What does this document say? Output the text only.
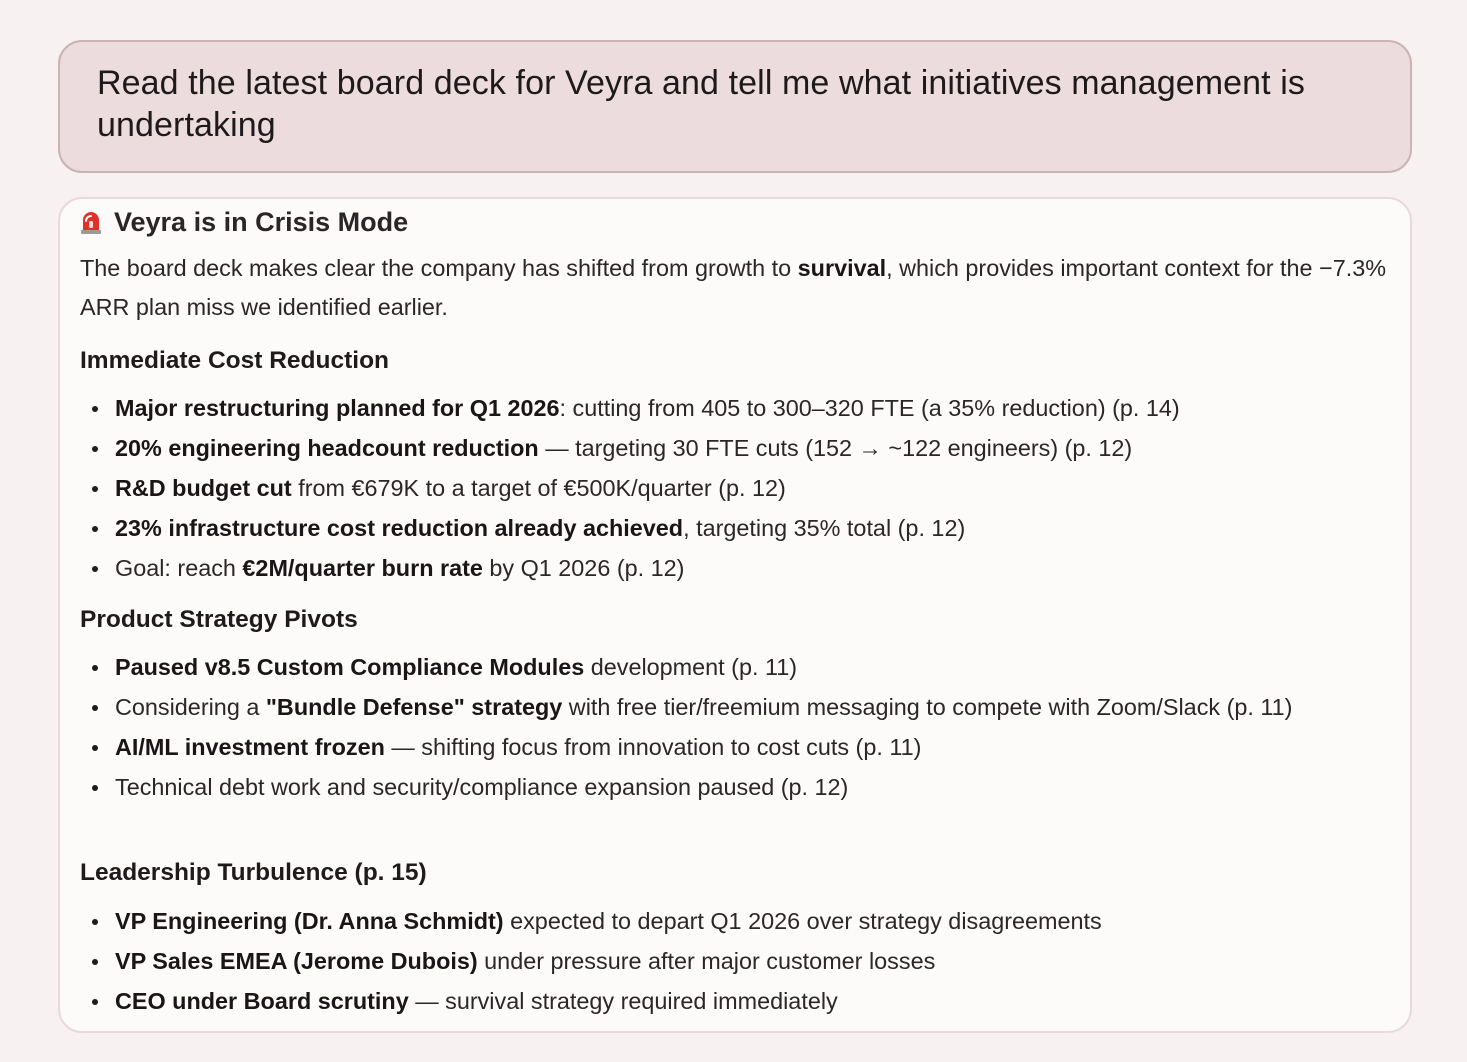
Read the latest board deck for Veyra and tell me what initiatives management is undertaking
Veyra is in Crisis Mode
The board deck makes clear the company has shifted from growth to survival, which provides important context for the −7.3% ARR plan miss we identified earlier.
Immediate Cost Reduction
Major restructuring planned for Q1 2026: cutting from 405 to 300–320 FTE (a 35% reduction) (p. 14)
20% engineering headcount reduction — targeting 30 FTE cuts (152 → ~122 engineers) (p. 12)
R&D budget cut from €679K to a target of €500K/quarter (p. 12)
23% infrastructure cost reduction already achieved, targeting 35% total (p. 12)
Goal: reach €2M/quarter burn rate by Q1 2026 (p. 12)
Product Strategy Pivots
Paused v8.5 Custom Compliance Modules development (p. 11)
Considering a "Bundle Defense" strategy with free tier/freemium messaging to compete with Zoom/Slack (p. 11)
AI/ML investment frozen — shifting focus from innovation to cost cuts (p. 11)
Technical debt work and security/compliance expansion paused (p. 12)
Leadership Turbulence (p. 15)
VP Engineering (Dr. Anna Schmidt) expected to depart Q1 2026 over strategy disagreements
VP Sales EMEA (Jerome Dubois) under pressure after major customer losses
CEO under Board scrutiny — survival strategy required immediately
